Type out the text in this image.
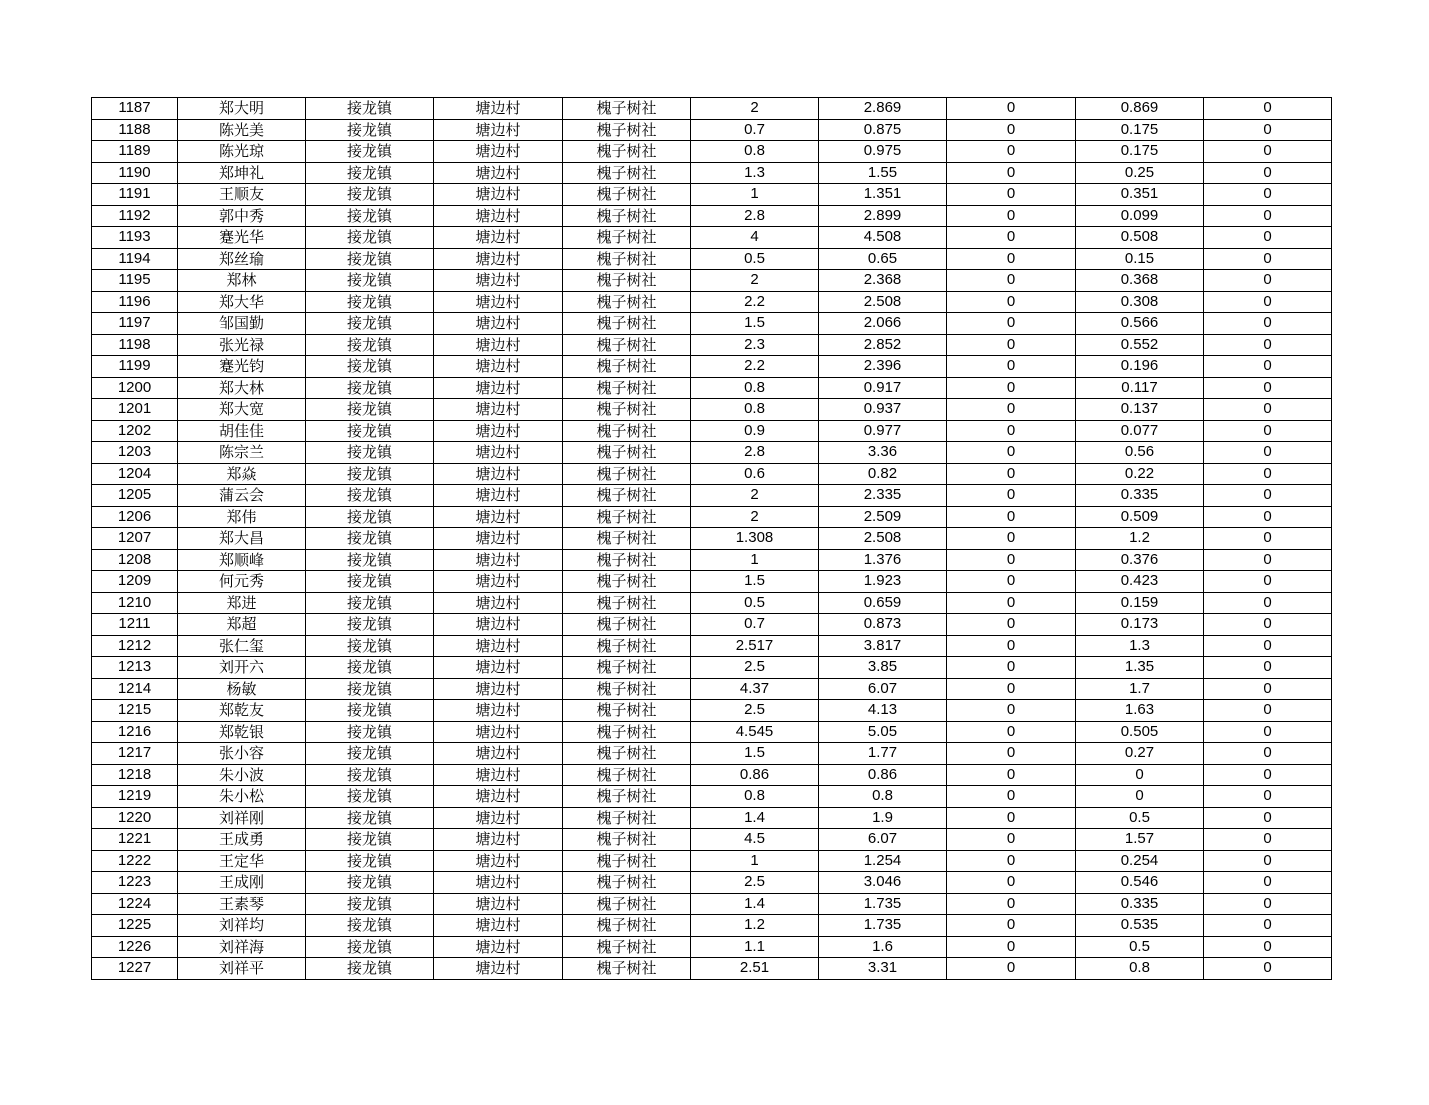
1187	郑大明	接龙镇	塘边村	槐子树社	2	2.869	0	0.869	0
1188	陈光美	接龙镇	塘边村	槐子树社	0.7	0.875	0	0.175	0
1189	陈光琼	接龙镇	塘边村	槐子树社	0.8	0.975	0	0.175	0
1190	郑坤礼	接龙镇	塘边村	槐子树社	1.3	1.55	0	0.25	0
1191	王顺友	接龙镇	塘边村	槐子树社	1	1.351	0	0.351	0
1192	郭中秀	接龙镇	塘边村	槐子树社	2.8	2.899	0	0.099	0
1193	蹇光华	接龙镇	塘边村	槐子树社	4	4.508	0	0.508	0
1194	郑丝瑜	接龙镇	塘边村	槐子树社	0.5	0.65	0	0.15	0
1195	郑林	接龙镇	塘边村	槐子树社	2	2.368	0	0.368	0
1196	郑大华	接龙镇	塘边村	槐子树社	2.2	2.508	0	0.308	0
1197	邹国勤	接龙镇	塘边村	槐子树社	1.5	2.066	0	0.566	0
1198	张光禄	接龙镇	塘边村	槐子树社	2.3	2.852	0	0.552	0
1199	蹇光钧	接龙镇	塘边村	槐子树社	2.2	2.396	0	0.196	0
1200	郑大林	接龙镇	塘边村	槐子树社	0.8	0.917	0	0.117	0
1201	郑大宽	接龙镇	塘边村	槐子树社	0.8	0.937	0	0.137	0
1202	胡佳佳	接龙镇	塘边村	槐子树社	0.9	0.977	0	0.077	0
1203	陈宗兰	接龙镇	塘边村	槐子树社	2.8	3.36	0	0.56	0
1204	郑焱	接龙镇	塘边村	槐子树社	0.6	0.82	0	0.22	0
1205	蒲云会	接龙镇	塘边村	槐子树社	2	2.335	0	0.335	0
1206	郑伟	接龙镇	塘边村	槐子树社	2	2.509	0	0.509	0
1207	郑大昌	接龙镇	塘边村	槐子树社	1.308	2.508	0	1.2	0
1208	郑顺峰	接龙镇	塘边村	槐子树社	1	1.376	0	0.376	0
1209	何元秀	接龙镇	塘边村	槐子树社	1.5	1.923	0	0.423	0
1210	郑进	接龙镇	塘边村	槐子树社	0.5	0.659	0	0.159	0
1211	郑超	接龙镇	塘边村	槐子树社	0.7	0.873	0	0.173	0
1212	张仁玺	接龙镇	塘边村	槐子树社	2.517	3.817	0	1.3	0
1213	刘开六	接龙镇	塘边村	槐子树社	2.5	3.85	0	1.35	0
1214	杨敏	接龙镇	塘边村	槐子树社	4.37	6.07	0	1.7	0
1215	郑乾友	接龙镇	塘边村	槐子树社	2.5	4.13	0	1.63	0
1216	郑乾银	接龙镇	塘边村	槐子树社	4.545	5.05	0	0.505	0
1217	张小容	接龙镇	塘边村	槐子树社	1.5	1.77	0	0.27	0
1218	朱小波	接龙镇	塘边村	槐子树社	0.86	0.86	0	0	0
1219	朱小松	接龙镇	塘边村	槐子树社	0.8	0.8	0	0	0
1220	刘祥刚	接龙镇	塘边村	槐子树社	1.4	1.9	0	0.5	0
1221	王成勇	接龙镇	塘边村	槐子树社	4.5	6.07	0	1.57	0
1222	王定华	接龙镇	塘边村	槐子树社	1	1.254	0	0.254	0
1223	王成刚	接龙镇	塘边村	槐子树社	2.5	3.046	0	0.546	0
1224	王素琴	接龙镇	塘边村	槐子树社	1.4	1.735	0	0.335	0
1225	刘祥均	接龙镇	塘边村	槐子树社	1.2	1.735	0	0.535	0
1226	刘祥海	接龙镇	塘边村	槐子树社	1.1	1.6	0	0.5	0
1227	刘祥平	接龙镇	塘边村	槐子树社	2.51	3.31	0	0.8	0
